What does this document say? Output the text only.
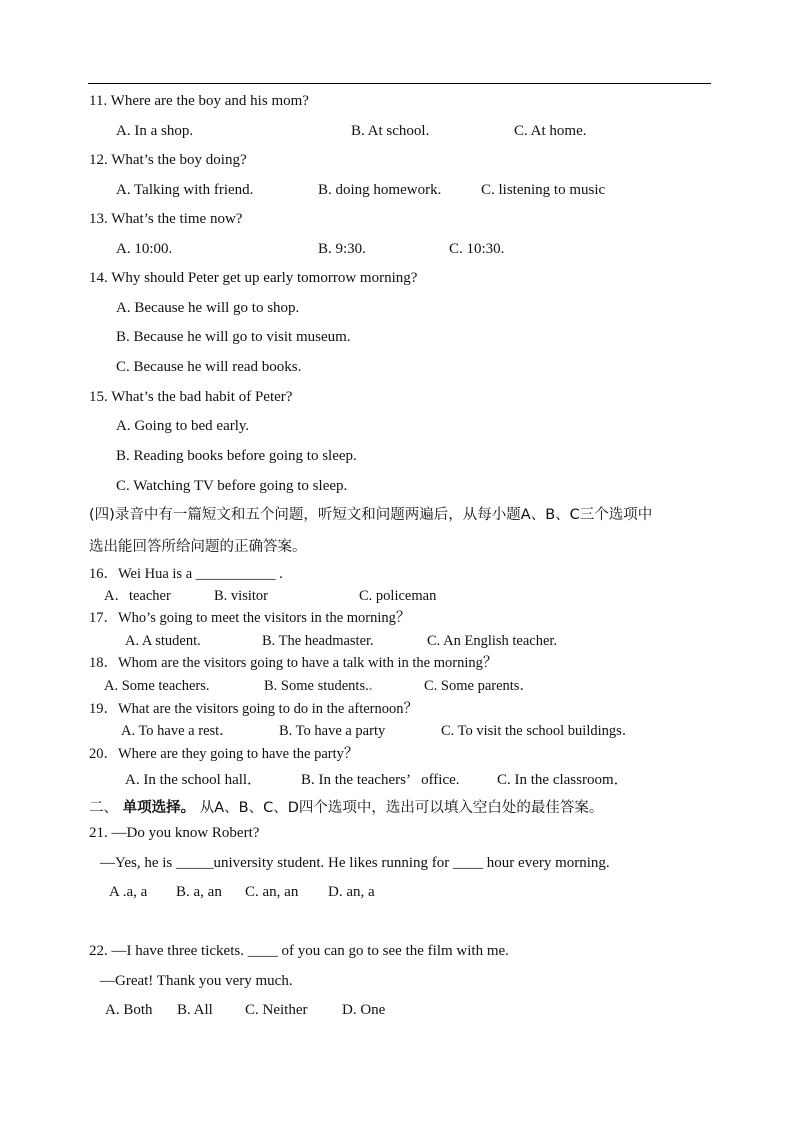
11. Where are the boy and his mom?
A. In a shop.	B. At school.	C. At home.
12. What’s the boy doing?
A. Talking with friend.	B. doing homework.	C. listening to music
13. What’s the time now?
A. 10:00.	B. 9:30.	C. 10:30.
14. Why should Peter get up early tomorrow morning?
A. Because he will go to shop.
B. Because he will go to visit museum.
C. Because he will read books.
15. What’s the bad habit of Peter?
A. Going to bed early.
B. Reading books before going to sleep.
C. Watching TV before going to sleep.
(四)录音中有一篇短文和五个问题，听短文和问题两遍后，从每小题A、B、C三个选项中
选出能回答所给问题的正确答案。
16．Wei Hua is a ___________ .
A．teacher	B. visitor	C. policeman
17．Who’s going to meet the visitors in the morning？
A. A student.	B. The headmaster.	C. An English teacher.
18．Whom are the visitors going to have a talk with in the morning？
A. Some teachers.	B. Some students..	C. Some parents．
19．What are the visitors going to do in the afternoon？
A. To have a rest．	B. To have a party	C. To visit the school buildings．
20．Where are they going to have the party？
A. In the school hall．	B. In the teachers’   office. C. In the classroom．
二、 单项选择。 从A、B、C、D四个选项中，选出可以填入空白处的最佳答案。
21. —Do you know Robert?
—Yes, he is _____university student. He likes running for ____ hour every morning.
A .a, a B. a, an C. an, an D. an, a
22. —I have three tickets. ____ of you can go to see the film with me.
—Great! Thank you very much.
A. Both B. All C. Neither D. One
